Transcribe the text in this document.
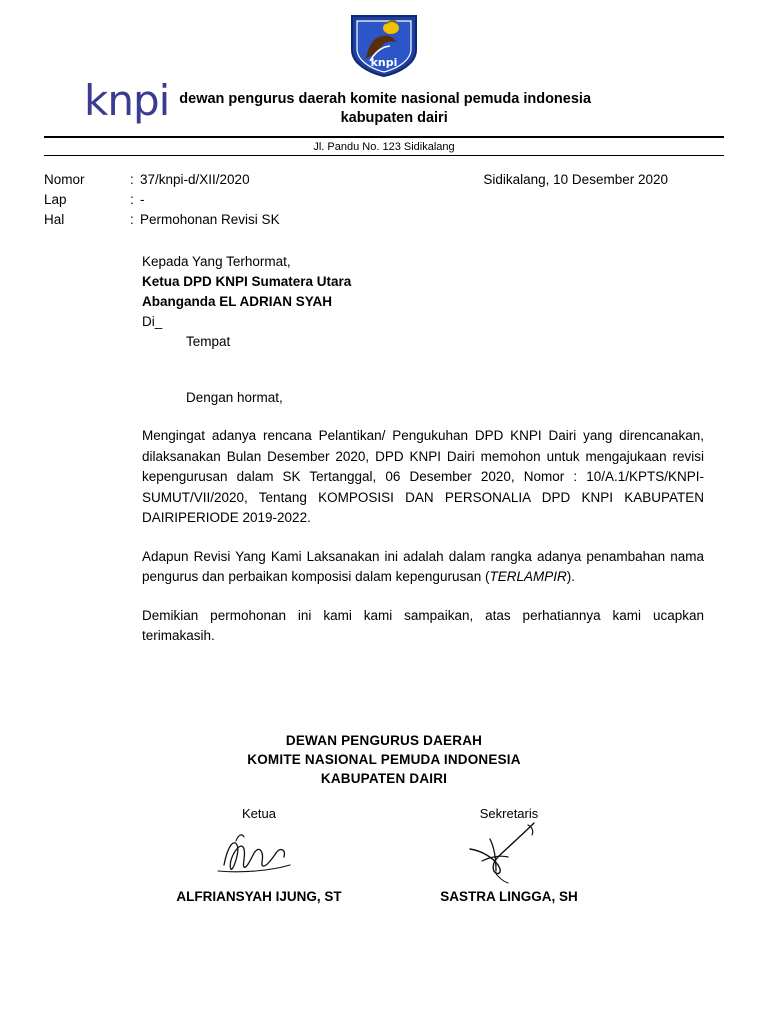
knpi
knpi dewan pengurus daerah komite nasional pemuda indonesia
kabupaten dairi
Jl. Pandu No. 123 Sidikalang
Nomor	:	37/knpi-d/XII/2020
Lap	:	-
Hal	:	Permohonan Revisi SK
Sidikalang, 10 Desember 2020
Kepada Yang Terhormat,
Ketua DPD KNPI Sumatera Utara
Abanganda EL ADRIAN SYAH
Di_
Tempat
Dengan hormat,
Mengingat adanya rencana Pelantikan/ Pengukuhan DPD KNPI Dairi yang direncanakan, dilaksanakan Bulan Desember 2020, DPD KNPI Dairi memohon untuk mengajukaan revisi kepengurusan dalam SK Tertanggal, 06 Desember 2020, Nomor : 10/A.1/KPTS/KNPI-SUMUT/VII/2020, Tentang KOMPOSISI DAN PERSONALIA DPD KNPI KABUPATEN DAIRIPERIODE 2019-2022.
Adapun Revisi Yang Kami Laksanakan ini adalah dalam rangka adanya penambahan nama pengurus dan perbaikan komposisi dalam kepengurusan (TERLAMPIR).
Demikian permohonan ini kami kami sampaikan, atas perhatiannya kami ucapkan terimakasih.
DEWAN PENGURUS DAERAH
KOMITE NASIONAL PEMUDA INDONESIA
KABUPATEN DAIRI
Ketua
ALFRIANSYAH IJUNG, ST
Sekretaris
SASTRA LINGGA, SH
